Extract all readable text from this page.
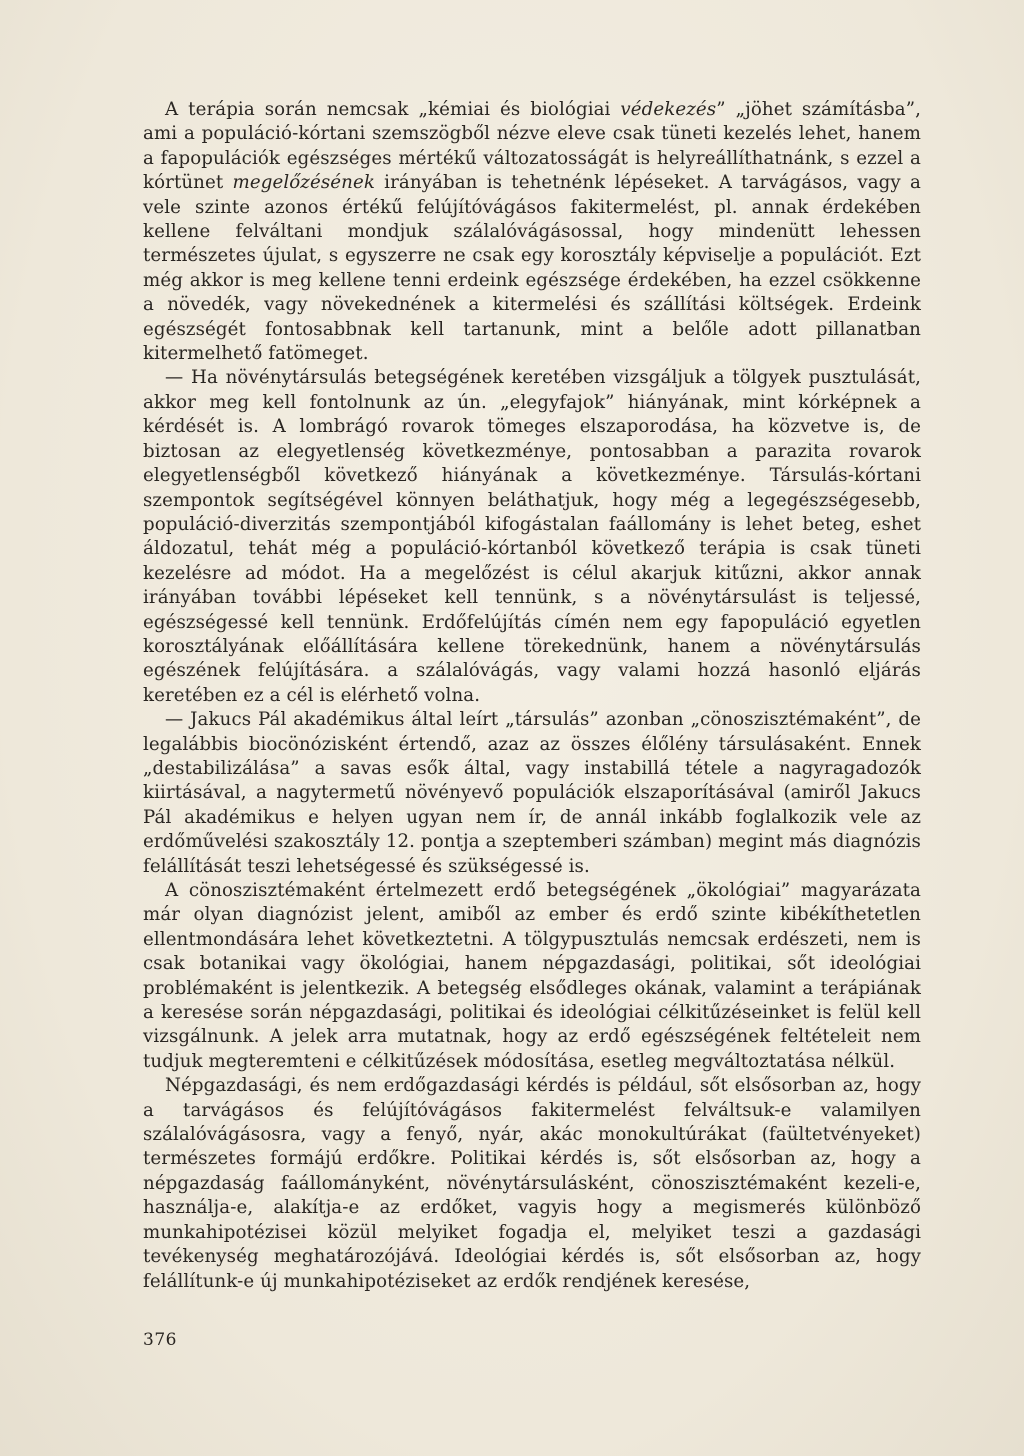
A terápia során nemcsak „kémiai és biológiai védekezés” „jöhet számításba”, ami a populáció-kórtani szemszögből nézve eleve csak tüneti kezelés lehet, hanem a fapopulációk egészséges mértékű változatosságát is helyreállíthatnánk, s ezzel a kórtünet megelőzésének irányában is tehetnénk lépéseket. A tarvágásos, vagy a vele szinte azonos értékű felújítóvágásos fakitermelést, pl. annak érdekében kellene felváltani mondjuk szálalóvágásossal, hogy mindenütt lehessen természetes újulat, s egyszerre ne csak egy korosztály képviselje a populációt. Ezt még akkor is meg kellene tenni erdeink egészsége érdekében, ha ezzel csökkenne a növedék, vagy növekednének a kitermelési és szállítási költségek. Erdeink egészségét fontosabbnak kell tartanunk, mint a belőle adott pillanatban kitermelhető fatömeget.

— Ha növénytársulás betegségének keretében vizsgáljuk a tölgyek pusztulását, akkor meg kell fontolnunk az ún. „elegyfajok” hiányának, mint kórképnek a kérdését is. A lombrágó rovarok tömeges elszaporodása, ha közvetve is, de biztosan az elegyetlenség következménye, pontosabban a parazita rovarok elegyetlenségből következő hiányának a következménye. Társulás-kórtani szempontok segítségével könnyen beláthatjuk, hogy még a legegészségesebb, populáció-diverzitás szempontjából kifogástalan faállomány is lehet beteg, eshet áldozatul, tehát még a populáció-kórtanból következő terápia is csak tüneti kezelésre ad módot. Ha a megelőzést is célul akarjuk kitűzni, akkor annak irányában további lépéseket kell tennünk, s a növénytársulást is teljessé, egészségessé kell tennünk. Erdőfelújítás címén nem egy fapopuláció egyetlen korosztályának előállítására kellene törekednünk, hanem a növénytársulás egészének felújítására. a szálalóvágás, vagy valami hozzá hasonló eljárás keretében ez a cél is elérhető volna.

— Jakucs Pál akadémikus által leírt „társulás” azonban „cönoszisztémaként”, de legalábbis biocönózisként értendő, azaz az összes élőlény társulásaként. Ennek „destabilizálása” a savas esők által, vagy instabillá tétele a nagyragadozók kiirtásával, a nagytermetű növényevő populációk elszaporításával (amiről Jakucs Pál akadémikus e helyen ugyan nem ír, de annál inkább foglalkozik vele az erdőművelési szakosztály 12. pontja a szeptemberi számban) megint más diagnózis felállítását teszi lehetségessé és szükségessé is.

A cönoszisztémaként értelmezett erdő betegségének „ökológiai” magyarázata már olyan diagnózist jelent, amiből az ember és erdő szinte kibékíthetetlen ellentmondására lehet következtetni. A tölgypusztulás nemcsak erdészeti, nem is csak botanikai vagy ökológiai, hanem népgazdasági, politikai, sőt ideológiai problémaként is jelentkezik. A betegség elsődleges okának, valamint a terápiának a keresése során népgazdasági, politikai és ideológiai célkitűzéseinket is felül kell vizsgálnunk. A jelek arra mutatnak, hogy az erdő egészségének feltételeit nem tudjuk megteremteni e célkitűzések módosítása, esetleg megváltoztatása nélkül.

Népgazdasági, és nem erdőgazdasági kérdés is például, sőt elsősorban az, hogy a tarvágásos és felújítóvágásos fakitermelést felváltsuk-e valamilyen szálalóvágásosra, vagy a fenyő, nyár, akác monokultúrákat (faültetvényeket) természetes formájú erdőkre. Politikai kérdés is, sőt elsősorban az, hogy a népgazdaság faállományként, növénytársulásként, cönoszisztémaként kezeli-e, használja-e, alakítja-e az erdőket, vagyis hogy a megismerés különböző munkahipotézisei közül melyiket fogadja el, melyiket teszi a gazdasági tevékenység meghatározójává. Ideológiai kérdés is, sőt elsősorban az, hogy felállítunk-e új munkahipotéziseket az erdők rendjének keresése,

376
